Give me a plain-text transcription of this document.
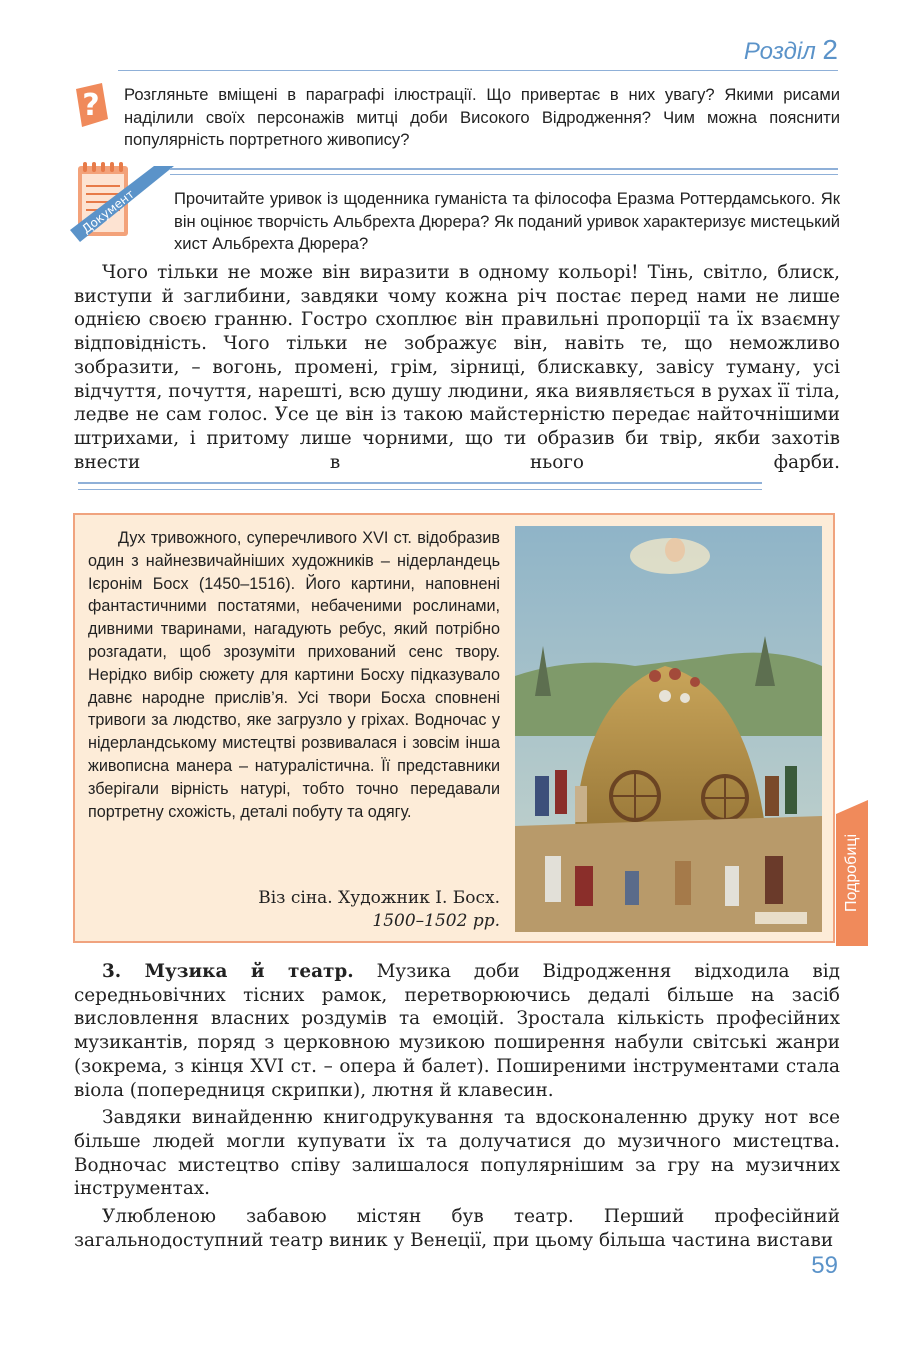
Розділ 2
? Розгляньте вміщені в параграфі ілюстрації. Що привертає в них увагу? Якими рисами наділили своїх персонажів митці доби Високого Відродження? Чим можна пояснити популярність портретного живопису?
Документ Прочитайте уривок із щоденника гуманіста та філософа Еразма Роттердамського. Як він оцінює творчість Альбрехта Дюрера? Як поданий уривок характеризує мистецький хист Альбрехта Дюрера?
Чого тільки не може він виразити в одному кольорі! Тінь, світло, блиск, виступи й заглибини, завдяки чому кожна річ постає перед нами не лише однією своєю гранню. Гостро схоплює він правильні пропорції та їх взаємну відповідність. Чого тільки не зображує він, навіть те, що неможливо зобразити, – вогонь, промені, грім, зірниці, блискавку, завісу туману, усі відчуття, почуття, нарешті, всю душу людини, яка виявляється в рухах її тіла, ледве не сам голос. Усе це він із такою майстерністю передає найточнішими штрихами, і притому лише чорними, що ти образив би твір, якби захотів внести в нього фарби.
Дух тривожного, суперечливого XVI ст. відобразив один з найнезвичайніших художників – нідерландець Ієронім Босх (1450–1516). Його картини, наповнені фантастичними постатями, небаченими рослинами, дивними тваринами, нагадують ребус, який потрібно розгадати, щоб зрозуміти прихований сенс твору. Нерідко вибір сюжету для картини Босху підказувало давнє народне прислів’я. Усі твори Босха сповнені тривоги за людство, яке загрузло у гріхах. Водночас у нідерландському мистецтві розвивалася і зовсім інша живописна манера – натуралістична. Її представники зберігали вірність натурі, тобто точно передавали портретну схожість, деталі побуту та одягу.
Віз сіна. Художник І. Босх.
1500–1502 рр.
Подробиці

3. Музика й театр. Музика доби Відродження відходила від середньовічних тісних рамок, перетворюючись дедалі більше на засіб висловлення власних роздумів та емоцій. Зростала кількість професійних музикантів, поряд з церковною музикою поширення набули світські жанри (зокрема, з кінця XVI ст. – опера й балет). Поширеними інструментами стала віола (попередниця скрипки), лютня й клавесин.

Завдяки винайденню книгодрукування та вдосконаленню друку нот все більше людей могли купувати їх та долучатися до музичного мистецтва. Водночас мистецтво співу залишалося популярнішим за гру на музичних інструментах.

Улюбленою забавою містян був театр. Перший професійний загальнодоступний театр виник у Венеції, при цьому більша частина вистави

59
